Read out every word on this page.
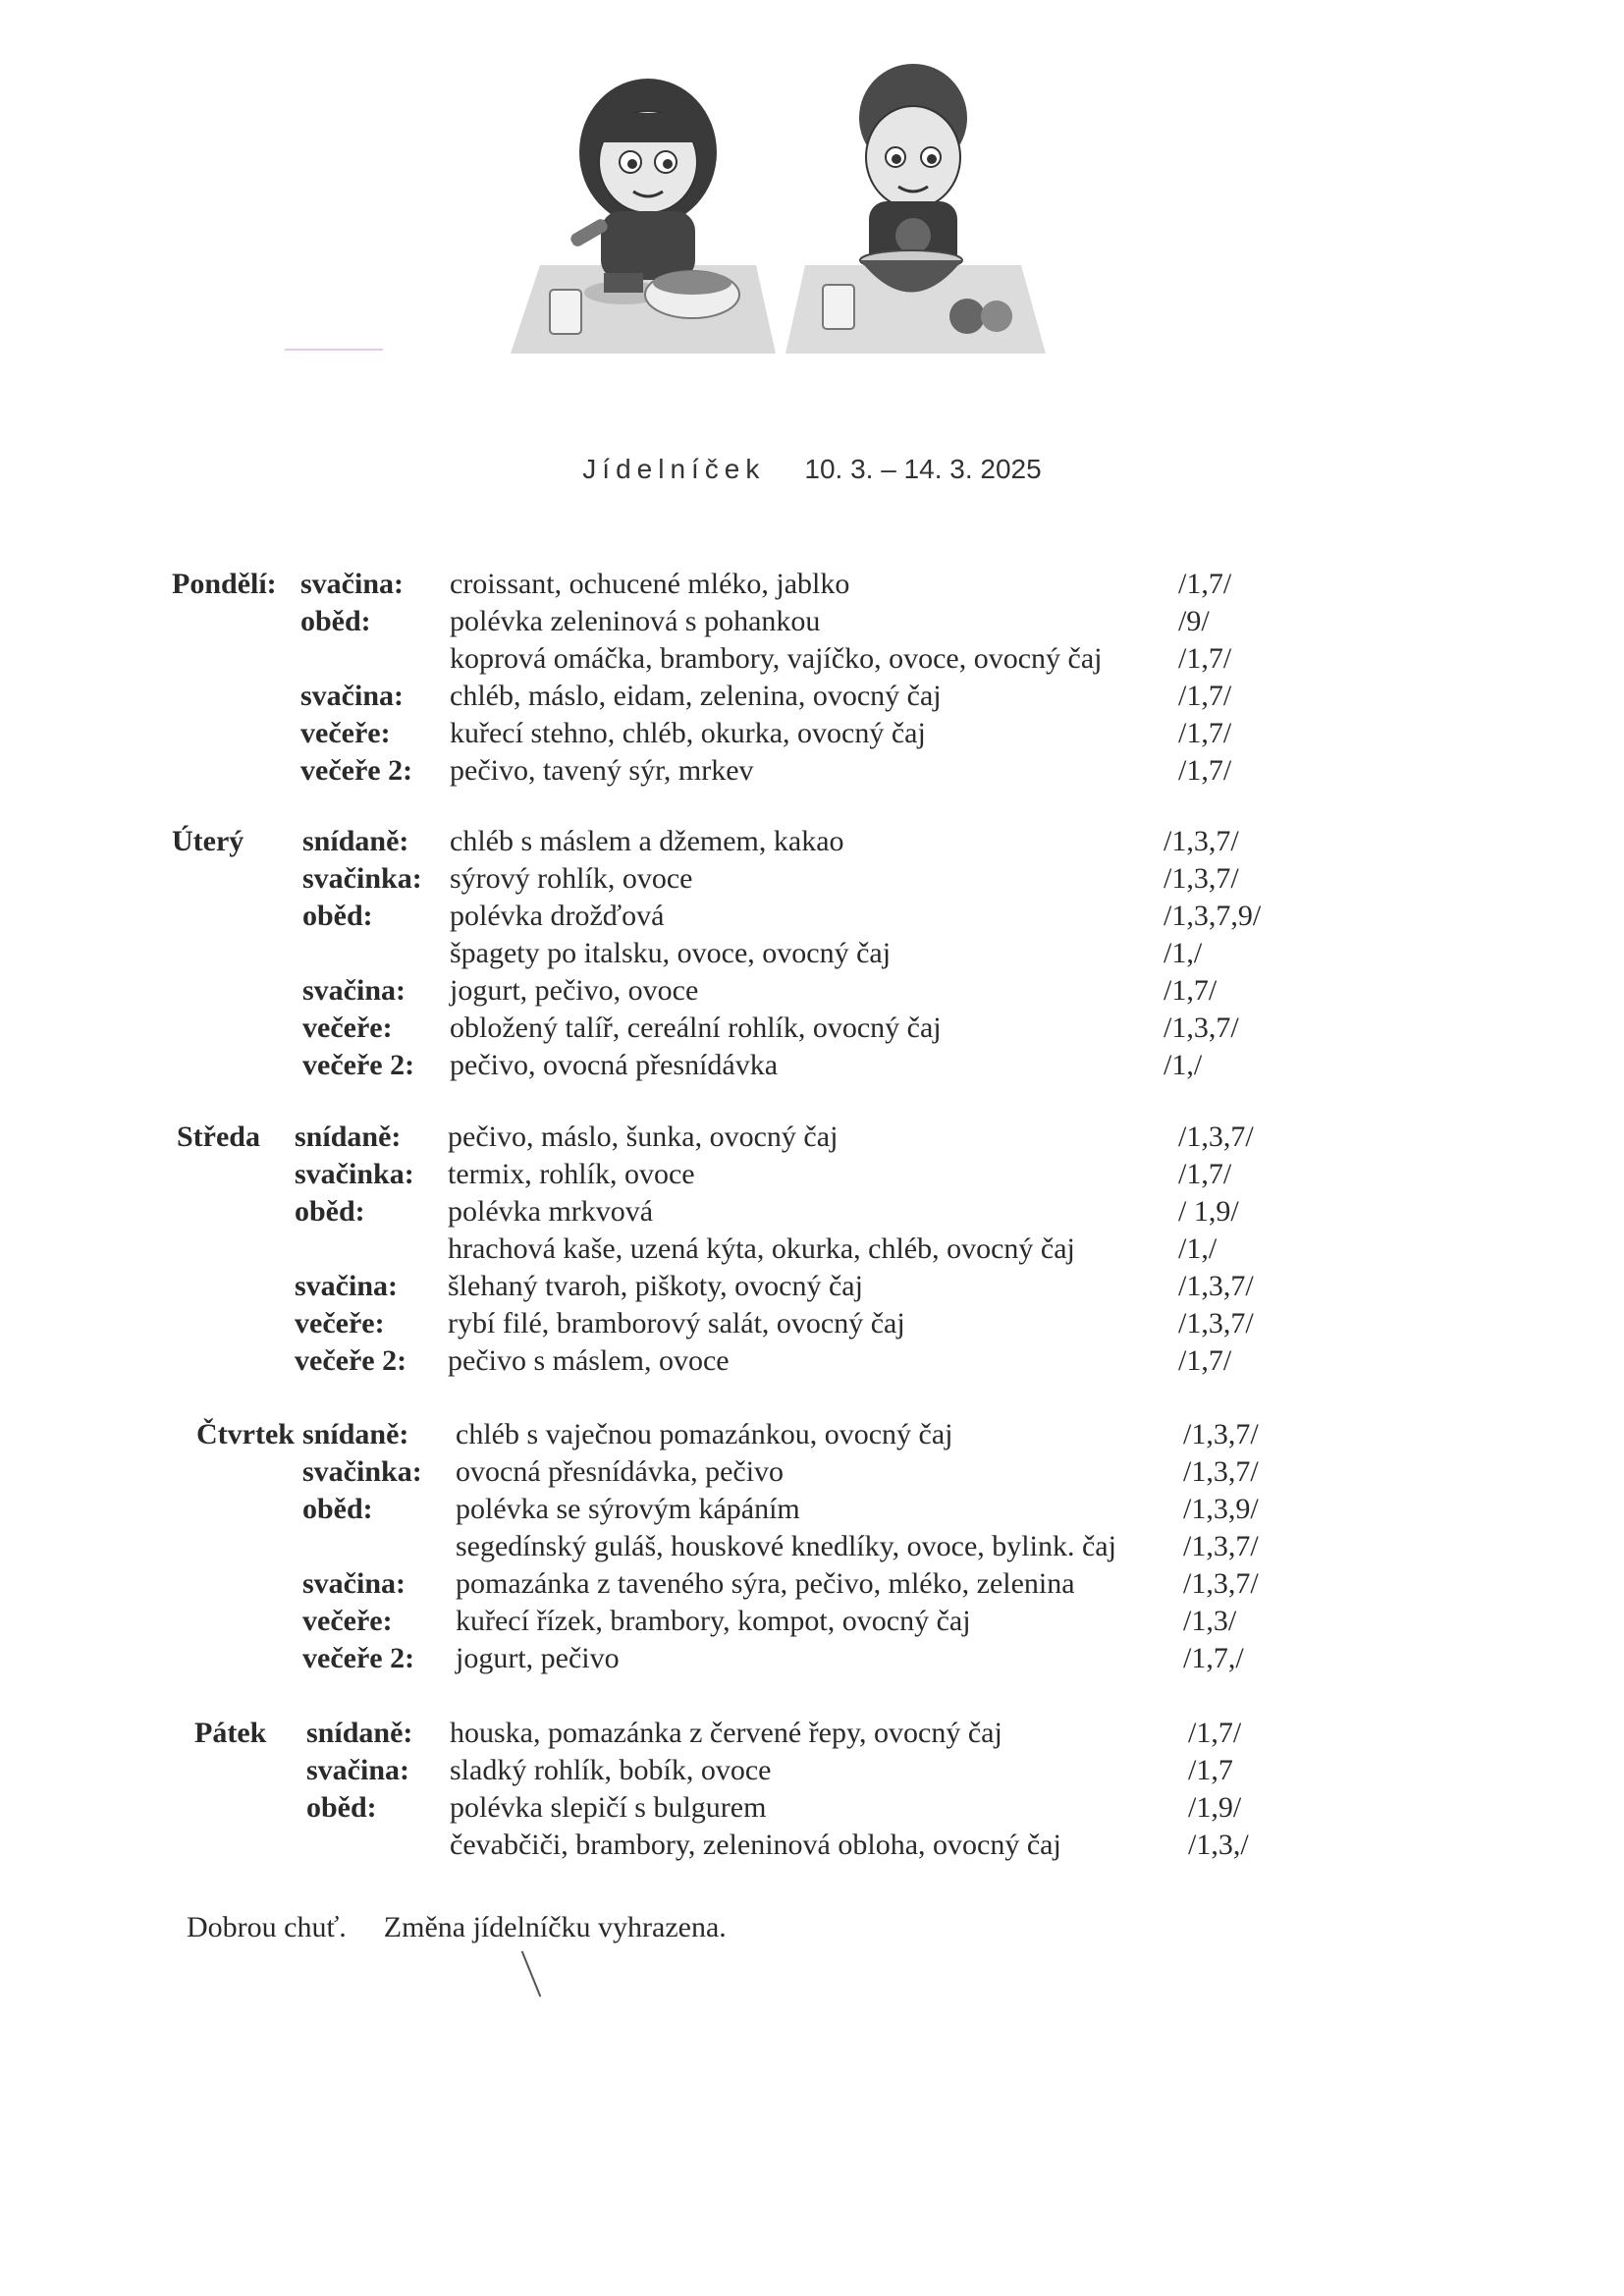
Jídelníček 10. 3. – 14. 3. 2025
Pondělí: svačina: croissant, ochucené mléko, jablko	/1,7/
oběd:	polévka zeleninová s pohankou	/9/
koprová omáčka, brambory, vajíčko, ovoce, ovocný čaj	/1,7/
svačina: chléb, máslo, eidam, zelenina, ovocný čaj	/1,7/
večeře: kuřecí stehno, chléb, okurka, ovocný čaj	/1,7/
večeře 2: pečivo, tavený sýr, mrkev	/1,7/
Úterý snídaně: chléb s máslem a džemem, kakao	/1,3,7/
svačinka: sýrový rohlík, ovoce	/1,3,7/
oběd:	polévka drožďová	/1,3,7,9/
špagety po italsku, ovoce, ovocný čaj	/1,/
svačina: jogurt, pečivo, ovoce	/1,7/
večeře: obložený talíř, cereální rohlík, ovocný čaj	/1,3,7/
večeře 2: pečivo, ovocná přesnídávka	/1,/
Středa snídaně: pečivo, máslo, šunka, ovocný čaj	/1,3,7/
svačinka: termix, rohlík, ovoce	/1,7/
oběd:	polévka mrkvová	/ 1,9/
hrachová kaše, uzená kýta, okurka, chléb, ovocný čaj	/1,/
svačina: šlehaný tvaroh, piškoty, ovocný čaj	/1,3,7/
večeře: rybí filé, bramborový salát, ovocný čaj	/1,3,7/
večeře 2: pečivo s máslem, ovoce	/1,7/
Čtvrtek snídaně: chléb s vaječnou pomazánkou, ovocný čaj	/1,3,7/
svačinka: ovocná přesnídávka, pečivo	/1,3,7/
oběd:	polévka se sýrovým kápáním	/1,3,9/
segedínský guláš, houskové knedlíky, ovoce, bylink. čaj /1,3,7/
svačina: pomazánka z taveného sýra, pečivo, mléko, zelenina	/1,3,7/
večeře: kuřecí řízek, brambory, kompot, ovocný čaj	/1,3/
večeře 2: jogurt, pečivo	/1,7,/
Pátek snídaně: houska, pomazánka z červené řepy, ovocný čaj	/1,7/
svačina: sladký rohlík, bobík, ovoce	/1,7
oběd: polévka slepičí s bulgurem	/1,9/
čevabčiči, brambory, zeleninová obloha, ovocný čaj	/1,3,/
Dobrou chuť. Změna jídelníčku vyhrazena.
